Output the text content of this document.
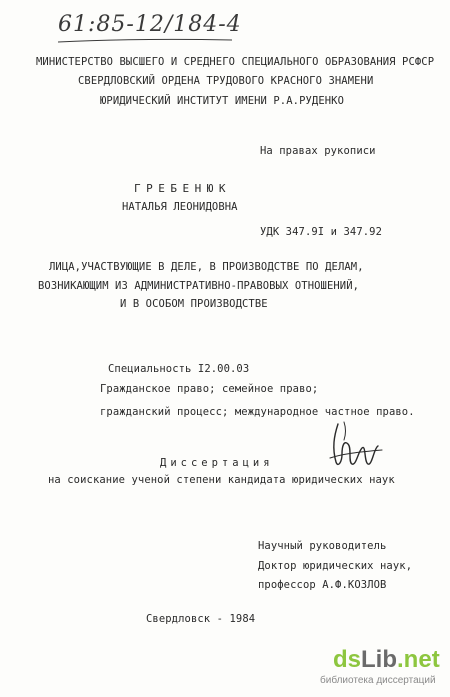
61:85-12/184-4
МИНИСТЕРСТВО ВЫСШЕГО И СРЕДНЕГО СПЕЦИАЛЬНОГО ОБРАЗОВАНИЯ РСФСР
СВЕРДЛОВСКИЙ ОРДЕНА ТРУДОВОГО КРАСНОГО ЗНАМЕНИ
ЮРИДИЧЕСКИЙ ИНСТИТУТ ИМЕНИ Р.А.РУДЕНКО
На правах рукописи
ГРЕБЕНЮК
НАТАЛЬЯ ЛЕОНИДОВНА
УДК 347.9I и 347.92
ЛИЦА,УЧАСТВУЮЩИЕ В ДЕЛЕ, В ПРОИЗВОДСТВЕ ПО ДЕЛАМ,
ВОЗНИКАЮЩИМ ИЗ АДМИНИСТРАТИВНО-ПРАВОВЫХ ОТНОШЕНИЙ,
И В ОСОБОМ ПРОИЗВОДСТВЕ
Специальность I2.00.03
Гражданское право; семейное право;
гражданский процесс; международное частное право.
Диссертация
на соискание ученой степени кандидата юридических наук
Научный руководитель
Доктор юридических наук,
профессор А.Ф.КОЗЛОВ
Свердловск - 1984
dsLib.net
библиотека диссертаций
